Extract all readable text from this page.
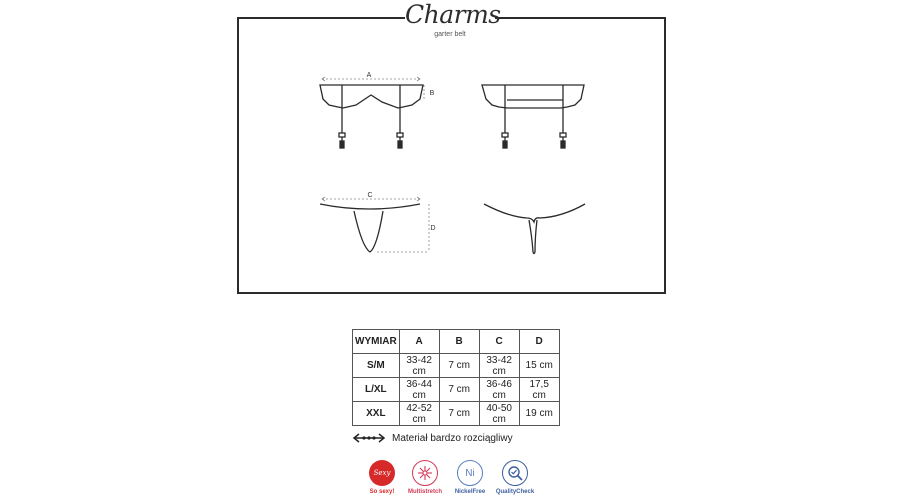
A
B
C
D
Charms
garter belt
WYMIAR	A	B	C	D
S/M	33-42 cm	7 cm	33-42 cm	15 cm
L/XL	36-44 cm	7 cm	36-46 cm	17,5 cm
XXL	42-52 cm	7 cm	40-50 cm	19 cm
Materiał bardzo rozciągliwy
Sexy
So sexy!	Multistretch
Ni
NickelFree	QualityCheck
